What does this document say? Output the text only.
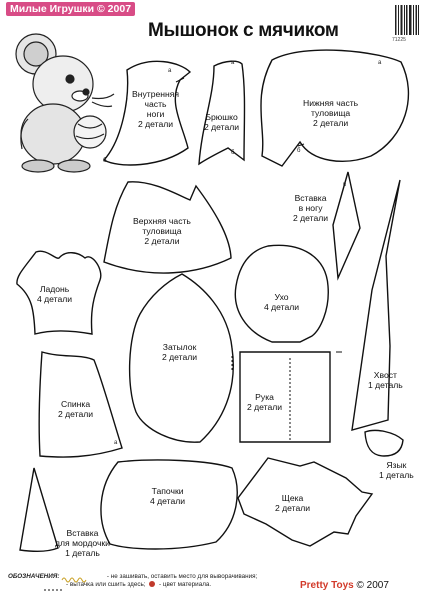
Милые Игрушки © 2007
Мышонок с мячиком	71225
Внутренняя
часть
ноги
2 детали
Брюшко
2 детали
Нижняя часть
туловища
2 детали
Верхняя часть
туловища
2 детали
Вставка
в ногу
2 детали
Ладонь
4 детали	Ухо
4 детали
Затылок
2 детали
Хвост
1 деталь
Спинка
2 детали
Рука
2 детали
Язык
1 деталь
Тапочки
4 детали	Щека
2 детали
Вставка
для мордочки
1 деталь
а
б
а
б
а
б
в
а
ОБОЗНАЧЕНИЯ:	- не зашивать, оставить место для выворачивания;
- вытачка или сшить здесь; - цвет материала.	Pretty Toys © 2007
